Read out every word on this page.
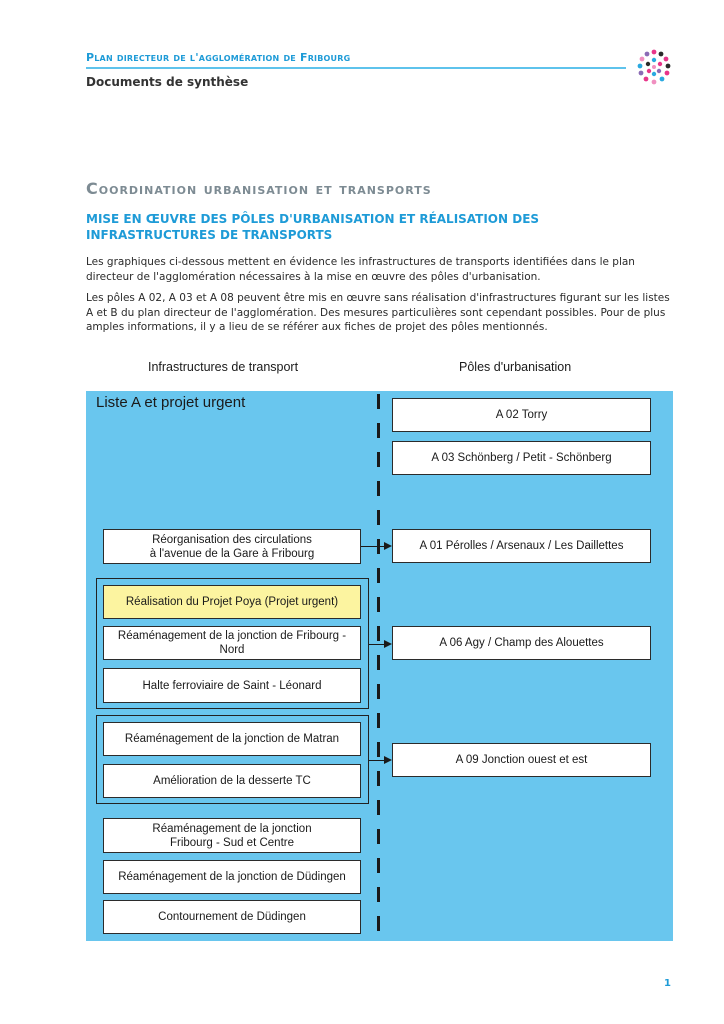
Plan directeur de l'agglomération de Fribourg
Documents de synthèse
Coordination urbanisation et transports
MISE EN ŒUVRE DES PÔLES D'URBANISATION ET RÉALISATION DES INFRASTRUCTURES DE TRANSPORTS
Les graphiques ci-dessous mettent en évidence les infrastructures de transports identifiées dans le plan directeur de l'agglomération nécessaires à la mise en œuvre des pôles d'urbanisation.
Les pôles A 02, A 03 et A 08 peuvent être mis en œuvre sans réalisation d'infrastructures figurant sur les listes A et B du plan directeur de l'agglomération. Des mesures particulières sont cependant possibles. Pour de plus amples informations, il y a lieu de se référer aux fiches de projet des pôles mentionnés.
Infrastructures de transport	Pôles d'urbanisation
Liste A et projet urgent
A 02 Torry
A 03 Schönberg / Petit - Schönberg
A 01 Pérolles / Arsenaux / Les Daillettes
A 06 Agy / Champ des Alouettes
A 09 Jonction ouest et est
Réorganisation des circulations
à l'avenue de la Gare à Fribourg
Réalisation du Projet Poya (Projet urgent)
Réaménagement de la jonction de Fribourg - Nord
Halte ferroviaire de Saint - Léonard
Réaménagement de la jonction de Matran
Amélioration de la desserte TC
Réaménagement de la jonction
Fribourg - Sud et Centre
Réaménagement de la jonction de Düdingen
Contournement de Düdingen
1
